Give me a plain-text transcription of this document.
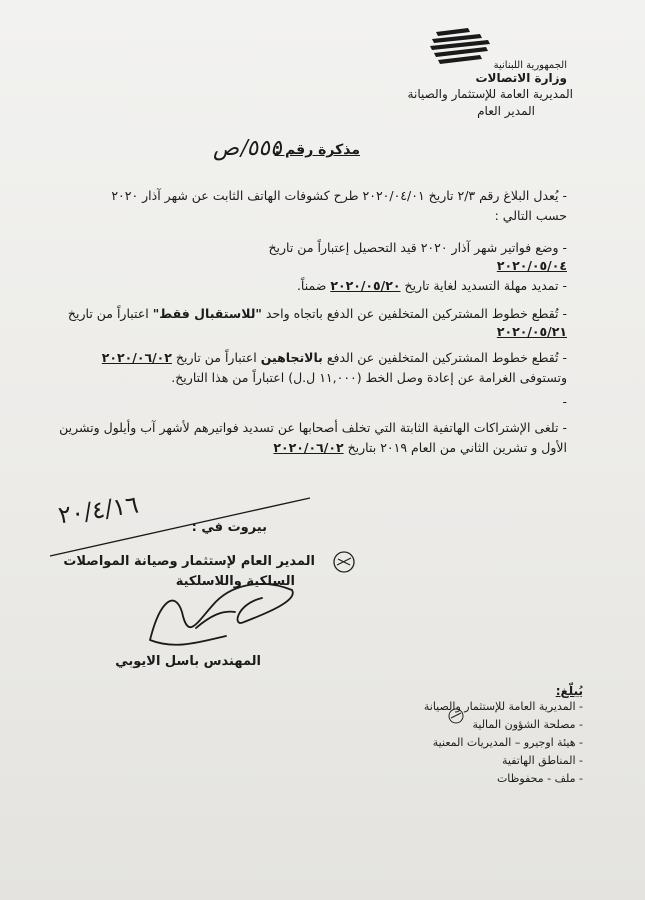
الجمهورية اللبنانية
وزارة الاتصالات
المديرية العامة للإستثمار والصيانة
المدير العام
مذكرة رقم :
٥٥٥/ص
- يُعدل البلاغ رقم ٢/٣ تاريخ ٢٠٢٠/٠٤/٠١ طرح كشوفات الهاتف الثابت عن شهر آذار ٢٠٢٠
حسب التالي :
- وضع فواتير شهر آذار ٢٠٢٠ قيد التحصيل إعتباراً من تاريخ
٢٠٢٠/٠٥/٠٤
- تمديد مهلة التسديد لغاية تاريخ ٢٠٢٠/٠٥/٢٠ ضمناً.
- تُقطع خطوط المشتركين المتخلفين عن الدفع باتجاه واحد "للاستقبال فقط" اعتباراً من تاريخ
٢٠٢٠/٠٥/٢١
- تُقطع خطوط المشتركين المتخلفين عن الدفع بالاتجاهين اعتباراً من تاريخ ٢٠٢٠/٠٦/٠٢
وتستوفى الغرامة عن إعادة وصل الخط (١١,٠٠٠ ل.ل) اعتباراً من هذا التاريخ.
-
- تلغى الإشتراكات الهاتفية الثابتة التي تخلف أصحابها عن تسديد فواتيرهم لأشهر آب وأيلول وتشرين
الأول و تشرين الثاني من العام ٢٠١٩ بتاريخ ٢٠٢٠/٠٦/٠٢
بيروت في :
٢٠/٤/١٦
المدير العام لإستثمار وصيانة المواصلات
السلكية واللاسلكية
المهندس باسل الايوبي
يُبلّغ:
- المديرية العامة للإستثمار والصيانة
- مصلحة الشؤون المالية
- هيئة اوجيرو – المديريات المعنية
- المناطق الهاتفية
- ملف - محفوظات
